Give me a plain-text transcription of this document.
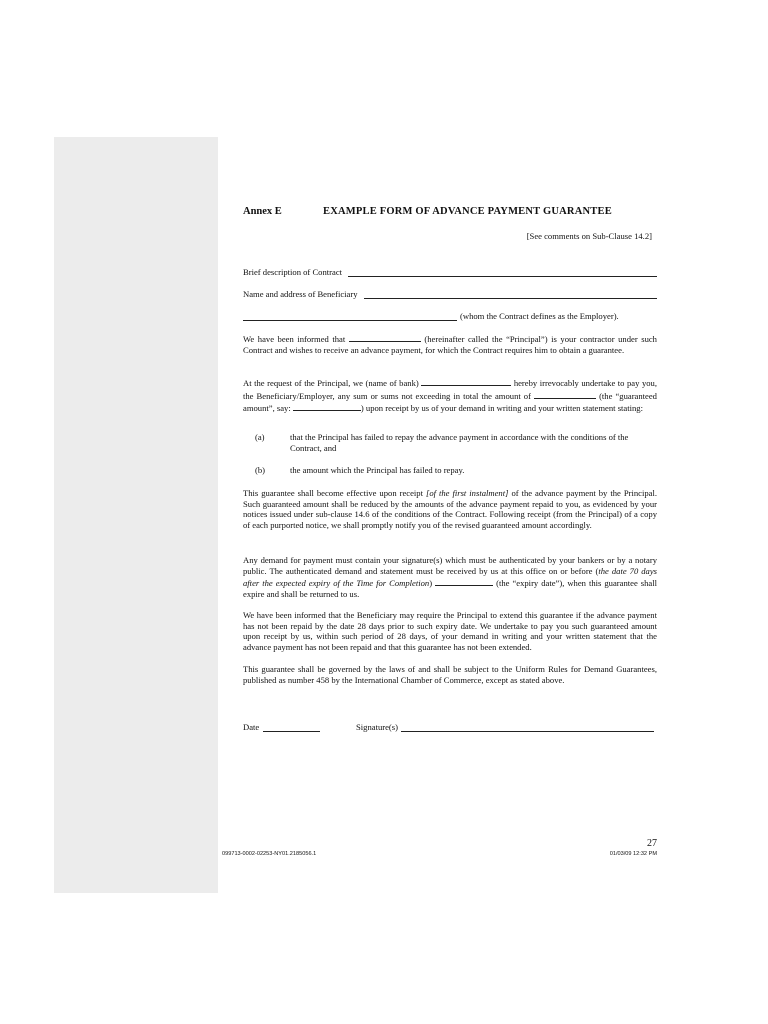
Annex E	EXAMPLE FORM OF ADVANCE PAYMENT GUARANTEE
[See comments on Sub-Clause 14.2]
Brief description of Contract
Name and address of Beneficiary
(whom the Contract defines as the Employer).
We have been informed that	(hereinafter called the “Principal”) is your contractor under such Contract and wishes to receive an advance payment, for which the Contract requires him to obtain a guarantee.
At the request of the Principal, we (name of bank)	hereby irrevocably undertake to pay you, the Beneficiary/Employer, any sum or sums not exceeding in total the amount of	(the “guaranteed amount”, say:	) upon receipt by us of your demand in writing and your written statement stating:
(a)	that the Principal has failed to repay the advance payment in accordance with the conditions of the Contract, and
(b)	the amount which the Principal has failed to repay.
This guarantee shall become effective upon receipt [of the first instalment] of the advance payment by the Principal. Such guaranteed amount shall be reduced by the amounts of the advance payment repaid to you, as evidenced by your notices issued under sub-clause 14.6 of the conditions of the Contract. Following receipt (from the Principal) of a copy of each purported notice, we shall promptly notify you of the revised guaranteed amount accordingly.
Any demand for payment must contain your signature(s) which must be authenticated by your bankers or by a notary public. The authenticated demand and statement must be received by us at this office on or before (the date 70 days after the expected expiry of the Time for Completion)	(the “expiry date”), when this guarantee shall expire and shall be returned to us.
We have been informed that the Beneficiary may require the Principal to extend this guarantee if the advance payment has not been repaid by the date 28 days prior to such expiry date. We undertake to pay you such guaranteed amount upon receipt by us, within such period of 28 days, of your demand in writing and your written statement that the advance payment has not been repaid and that this guarantee has not been extended.
This guarantee shall be governed by the laws of and shall be subject to the Uniform Rules for Demand Guarantees, published as number 458 by the International Chamber of Commerce, except as stated above.
Date	Signature(s)
27
099713-0002-02253-NY01.2185056.1	01/03/09 12:32 PM
